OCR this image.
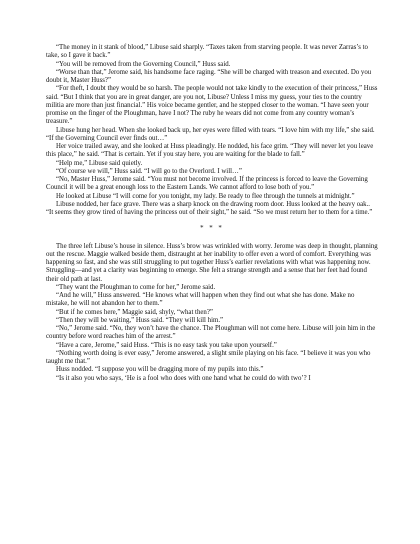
“The money in it stank of blood,” Libuse said sharply. “Taxes taken from starving people. It was never Zarras’s to take, so I gave it back.”

“You will be removed from the Governing Council,” Huss said.

“Worse than that,” Jerome said, his handsome face raging. “She will be charged with treason and executed. Do you doubt it, Master Huss?”

“For theft, I doubt they would be so harsh. The people would not take kindly to the execution of their princess,” Huss said. “But I think that you are in great danger, are you not, Libuse? Unless I miss my guess, your ties to the country militia are more than just financial.” His voice became gentler, and he stepped closer to the woman. “I have seen your promise on the finger of the Ploughman, have I not? The ruby he wears did not come from any country woman’s treasure.”

Libuse hung her head. When she looked back up, her eyes were filled with tears. “I love him with my life,” she said. “If the Governing Council ever finds out…”

Her voice trailed away, and she looked at Huss pleadingly. He nodded, his face grim. “They will never let you leave this place,” he said. “That is certain. Yet if you stay here, you are waiting for the blade to fall.”

“Help me,” Libuse said quietly.

“Of course we will,” Huss said. “I will go to the Overlord. I will…”

“No, Master Huss,” Jerome said. “You must not become involved. If the princess is forced to leave the Governing Council it will be a great enough loss to the Eastern Lands. We cannot afford to lose both of you.”

He looked at Libuse “I will come for you tonight, my lady. Be ready to flee through the tunnels at midnight.”

Libuse nodded, her face grave. There was a sharp knock on the drawing room door. Huss looked at the heavy oak.. “It seems they grow tired of having the princess out of their sight,” he said. “So we must return her to them for a time.”

* * *

The three left Libuse’s house in silence. Huss’s brow was wrinkled with worry. Jerome was deep in thought, planning out the rescue. Maggie walked beside them, distraught at her inability to offer even a word of comfort. Everything was happening so fast, and she was still struggling to put together Huss’s earlier revelations with what was happening now. Struggling—and yet a clarity was beginning to emerge. She felt a strange strength and a sense that her feet had found their old path at last.

“They want the Ploughman to come for her,” Jerome said.

“And he will,” Huss answered. “He knows what will happen when they find out what she has done. Make no mistake, he will not abandon her to them.”

“But if he comes here,” Maggie said, shyly, “what then?”

“Then they will be waiting,” Huss said. “They will kill him.”

“No,” Jerome said. “No, they won’t have the chance. The Ploughman will not come here. Libuse will join him in the country before word reaches him of the arrest.”

“Have a care, Jerome,” said Huss. “This is no easy task you take upon yourself.”

“Nothing worth doing is ever easy,” Jerome answered, a slight smile playing on his face. “I believe it was you who taught me that.”

Huss nodded. “I suppose you will be dragging more of my pupils into this.”

“Is it also you who says, ‘He is a fool who does with one hand what he could do with two’? I
